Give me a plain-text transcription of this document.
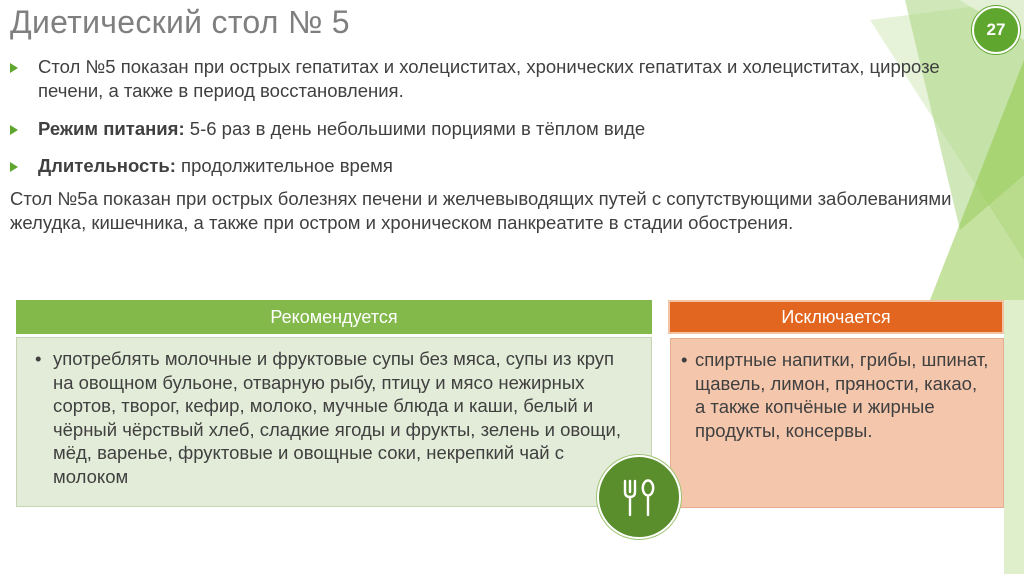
Диетический стол № 5	27
Стол №5 показан при острых гепатитах и холециститах, хронических гепатитах и холециститах, циррозе печени, а также в период восстановления.
Режим питания: 5-6 раз в день небольшими порциями в тёплом виде
Длительность: продолжительное время

Стол №5а показан при острых болезнях печени и желчевыводящих путей с сопутствующими заболеваниями желудка, кишечника, а также при остром и хроническом панкреатите в стадии обострения.

Рекомендуется
• употреблять молочные и фруктовые супы без мяса, супы из круп на овощном бульоне, отварную рыбу, птицу и мясо нежирных сортов, творог, кефир, молоко, мучные блюда и каши, белый и чёрный чёрствый хлеб, сладкие ягоды и фрукты, зелень и овощи, мёд, варенье, фруктовые и овощные соки, некрепкий чай с молоком
Исключается
• спиртные напитки, грибы, шпинат, щавель, лимон, пряности, какао, а также копчёные и жирные продукты, консервы.
